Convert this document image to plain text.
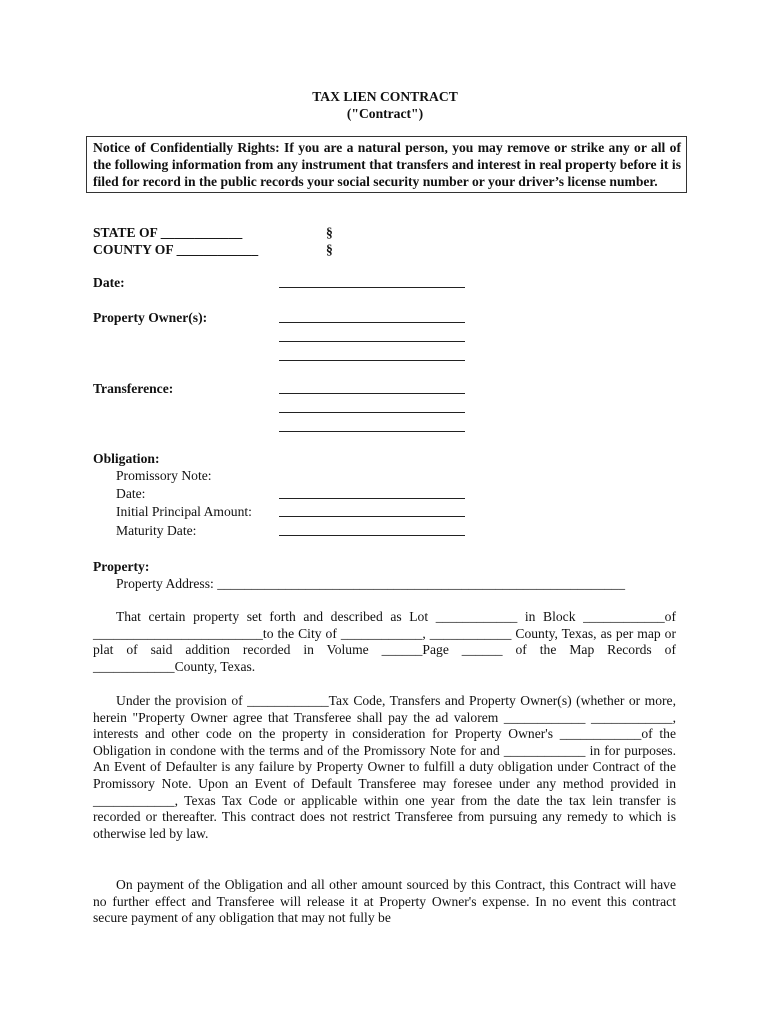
TAX LIEN CONTRACT
("Contract")
Notice of Confidentially Rights: If you are a natural person, you may remove or strike any or all of the following information from any instrument that transfers and interest in real property before it is filed for record in the public records your social security number or your driver’s license number.
STATE OF ____________	§
COUNTY OF ____________	§
Date:
Property Owner(s):
Transference:
Obligation:
Promissory Note:
Date:
Initial Principal Amount:
Maturity Date:
Property:
Property Address: ____________________________________________________________

That certain property set forth and described as Lot ____________ in Block ____________of _________________________to the City of ____________, ____________ County, Texas, as per map or plat of said addition recorded in Volume ______Page ______ of the Map Records of ____________County, Texas.

Under the provision of ____________Tax Code, Transfers and Property Owner(s) (whether or more, herein "Property Owner agree that Transferee shall pay the ad valorem ____________ ____________, interests and other code on the property in consideration for Property Owner's ____________of the Obligation in condone with the terms and of the Promissory Note for and ____________ in for purposes. An Event of Defaulter is any failure by Property Owner to fulfill a duty obligation under Contract of the Promissory Note. Upon an Event of Default Transferee may foresee under any method provided in ____________, Texas Tax Code or applicable within one year from the date the tax lein transfer is recorded or thereafter. This contract does not restrict Transferee from pursuing any remedy to which is otherwise led by law.

On payment of the Obligation and all other amount sourced by this Contract, this Contract will have no further effect and Transferee will release it at Property Owner's expense. In no event this contract secure payment of any obligation that may not fully be
